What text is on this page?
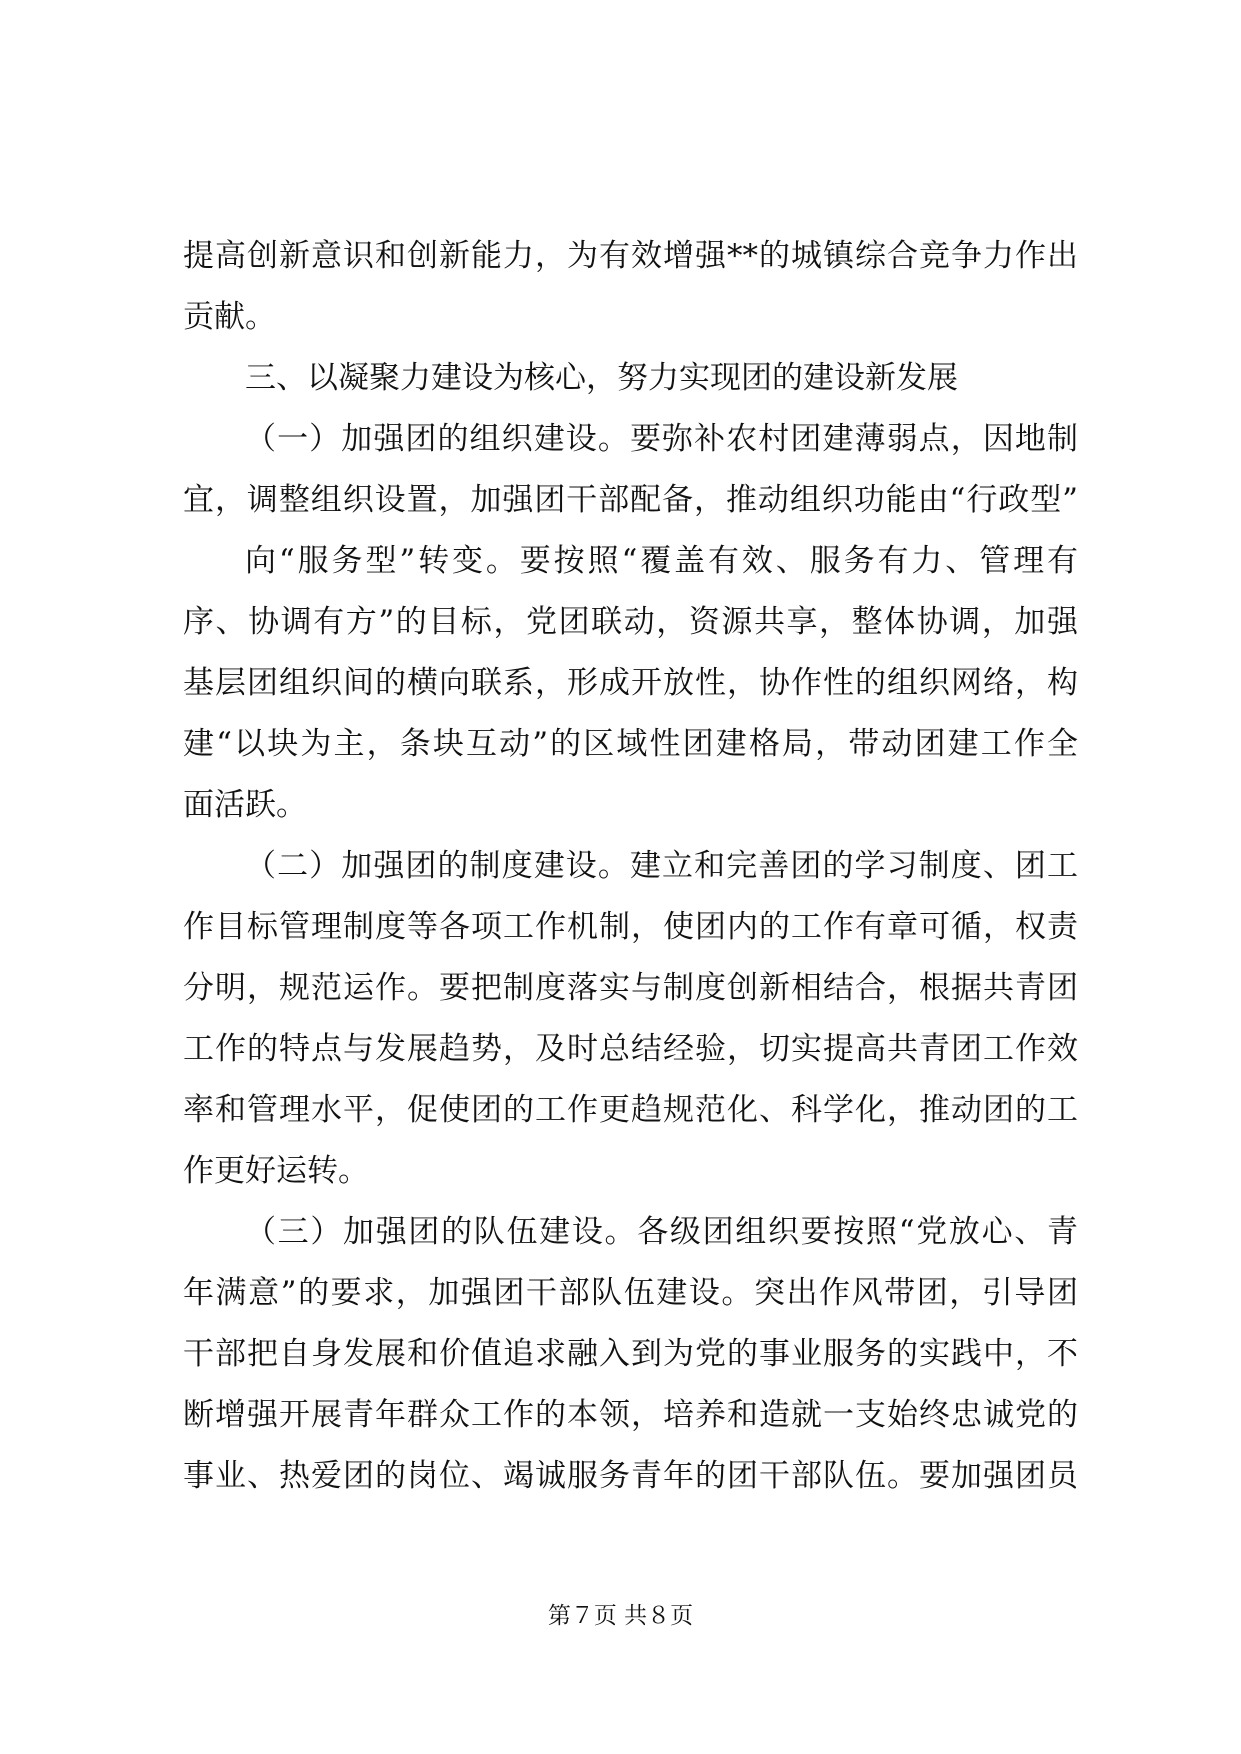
提高创新意识和创新能力，为有效增强**的城镇综合竞争力作出
贡献。
三、以凝聚力建设为核心，努力实现团的建设新发展
（一）加强团的组织建设。要弥补农村团建薄弱点，因地制
宜，调整组织设置，加强团干部配备，推动组织功能由“行政型”
向“服务型”转变。要按照“覆盖有效、服务有力、管理有
序、协调有方”的目标，党团联动，资源共享，整体协调，加强
基层团组织间的横向联系，形成开放性，协作性的组织网络，构
建“以块为主，条块互动”的区域性团建格局，带动团建工作全
面活跃。
（二）加强团的制度建设。建立和完善团的学习制度、团工
作目标管理制度等各项工作机制，使团内的工作有章可循，权责
分明，规范运作。要把制度落实与制度创新相结合，根据共青团
工作的特点与发展趋势，及时总结经验，切实提高共青团工作效
率和管理水平，促使团的工作更趋规范化、科学化，推动团的工
作更好运转。
（三）加强团的队伍建设。各级团组织要按照“党放心、青
年满意”的要求，加强团干部队伍建设。突出作风带团，引导团
干部把自身发展和价值追求融入到为党的事业服务的实践中，不
断增强开展青年群众工作的本领，培养和造就一支始终忠诚党的
事业、热爱团的岗位、竭诚服务青年的团干部队伍。要加强团员
第７页 共８页
